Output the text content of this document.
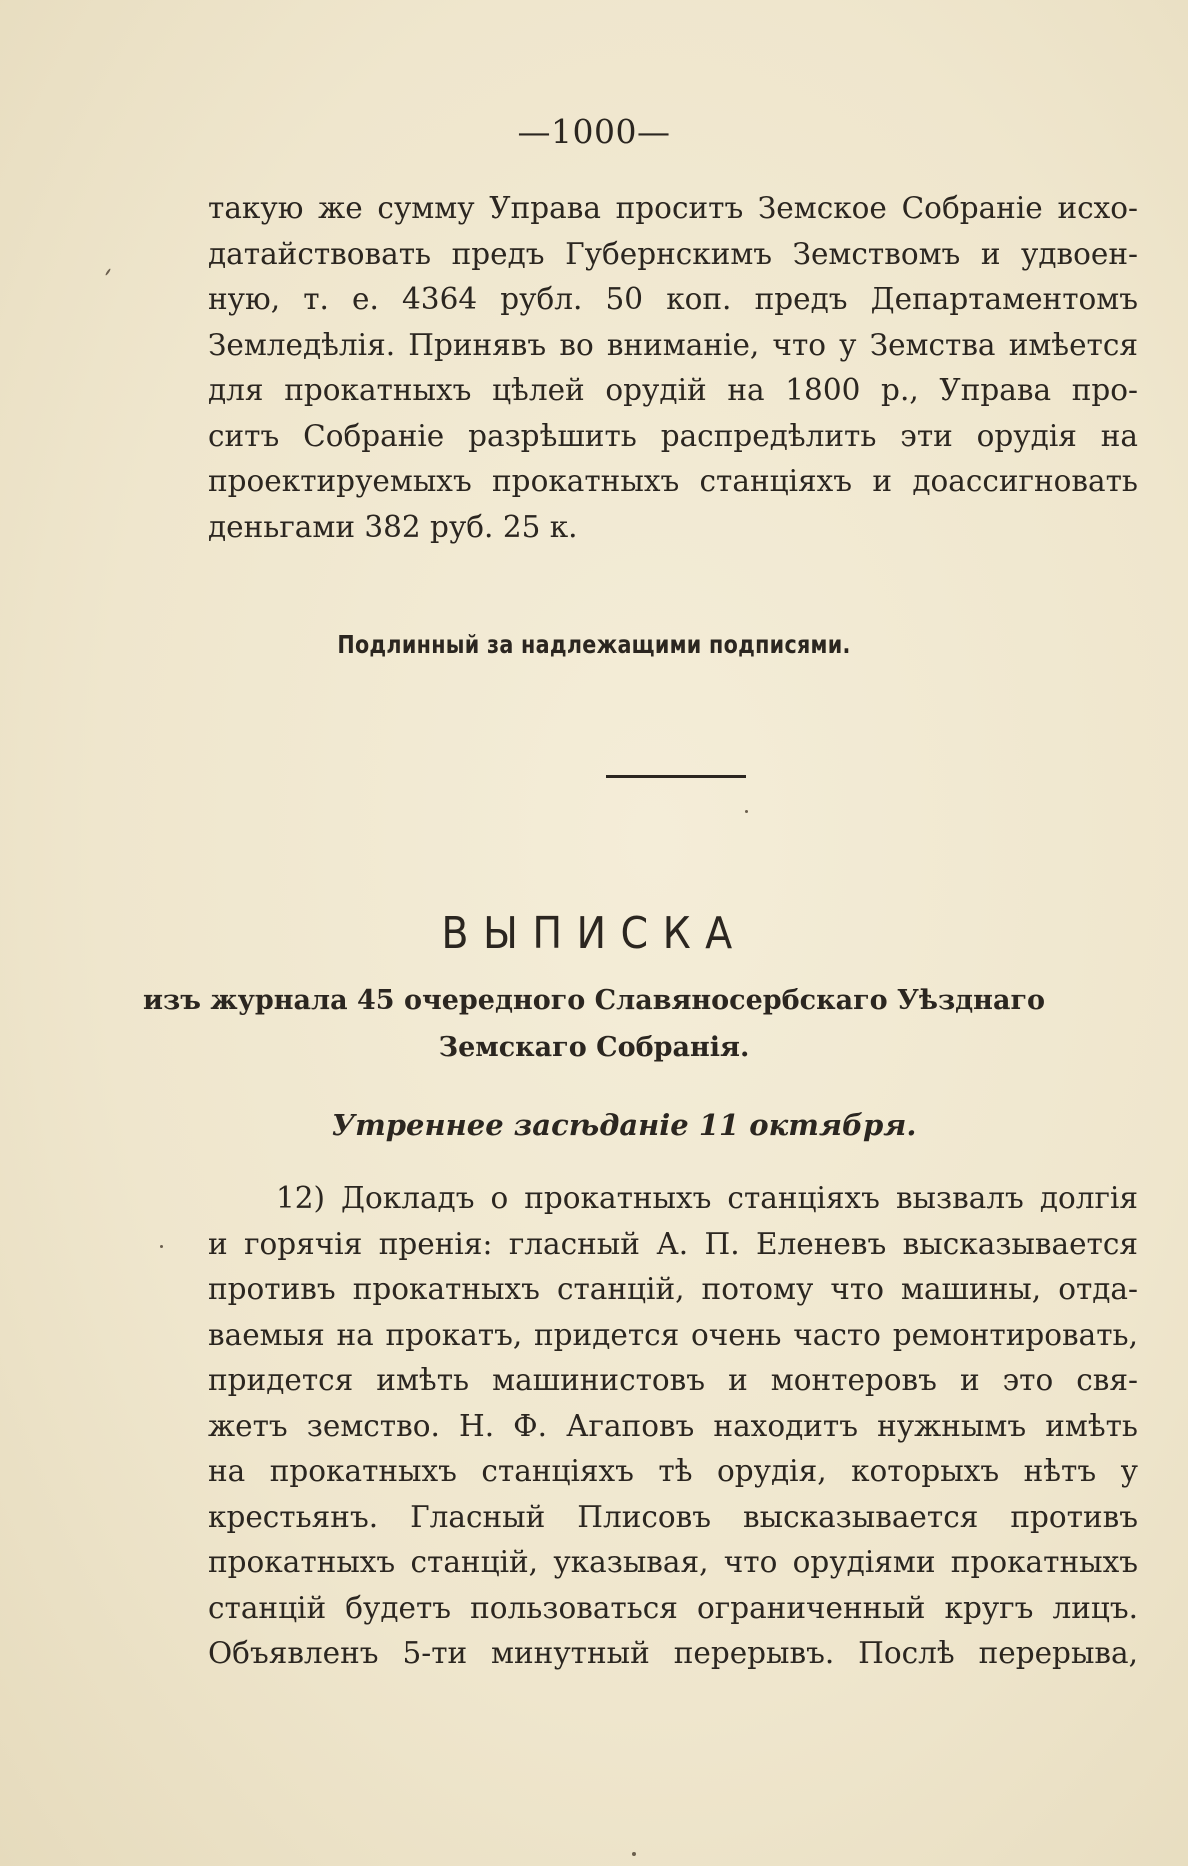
—1000—
такую же сумму Управа проситъ Земское Собраніе исхо-
датайствовать предъ Губернскимъ Земствомъ и удвоен-
ную, т. е. 4364 рубл. 50 коп. предъ Департаментомъ
Земледѣлія. Принявъ во вниманіе, что у Земства имѣется
для прокатныхъ цѣлей орудій на 1800 р., Управа про-
ситъ Собраніе разрѣшить распредѣлить эти орудія на
проектируемыхъ прокатныхъ станціяхъ и доассигновать
деньгами 382 руб. 25 к.
Подлинный за надлежащими подписями.
ВЫПИСКА
изъ журнала 45 очередного Славяносербскаго Уѣзднаго
Земскаго Собранія.
Утреннее засѣданіе 11 октября.
12) Докладъ о прокатныхъ станціяхъ вызвалъ долгія
и горячія пренія: гласный А. П. Еленевъ высказывается
противъ прокатныхъ станцій, потому что машины, отда-
ваемыя на прокатъ, придется очень часто ремонтировать,
придется имѣть машинистовъ и монтеровъ и это свя-
жетъ земство. Н. Ф. Агаповъ находитъ нужнымъ имѣть
на прокатныхъ станціяхъ тѣ орудія, которыхъ нѣтъ у
крестьянъ. Гласный Плисовъ высказывается противъ
прокатныхъ станцій, указывая, что орудіями прокатныхъ
станцій будетъ пользоваться ограниченный кругъ лицъ.
Объявленъ 5-ти минутный перерывъ. Послѣ перерыва,
